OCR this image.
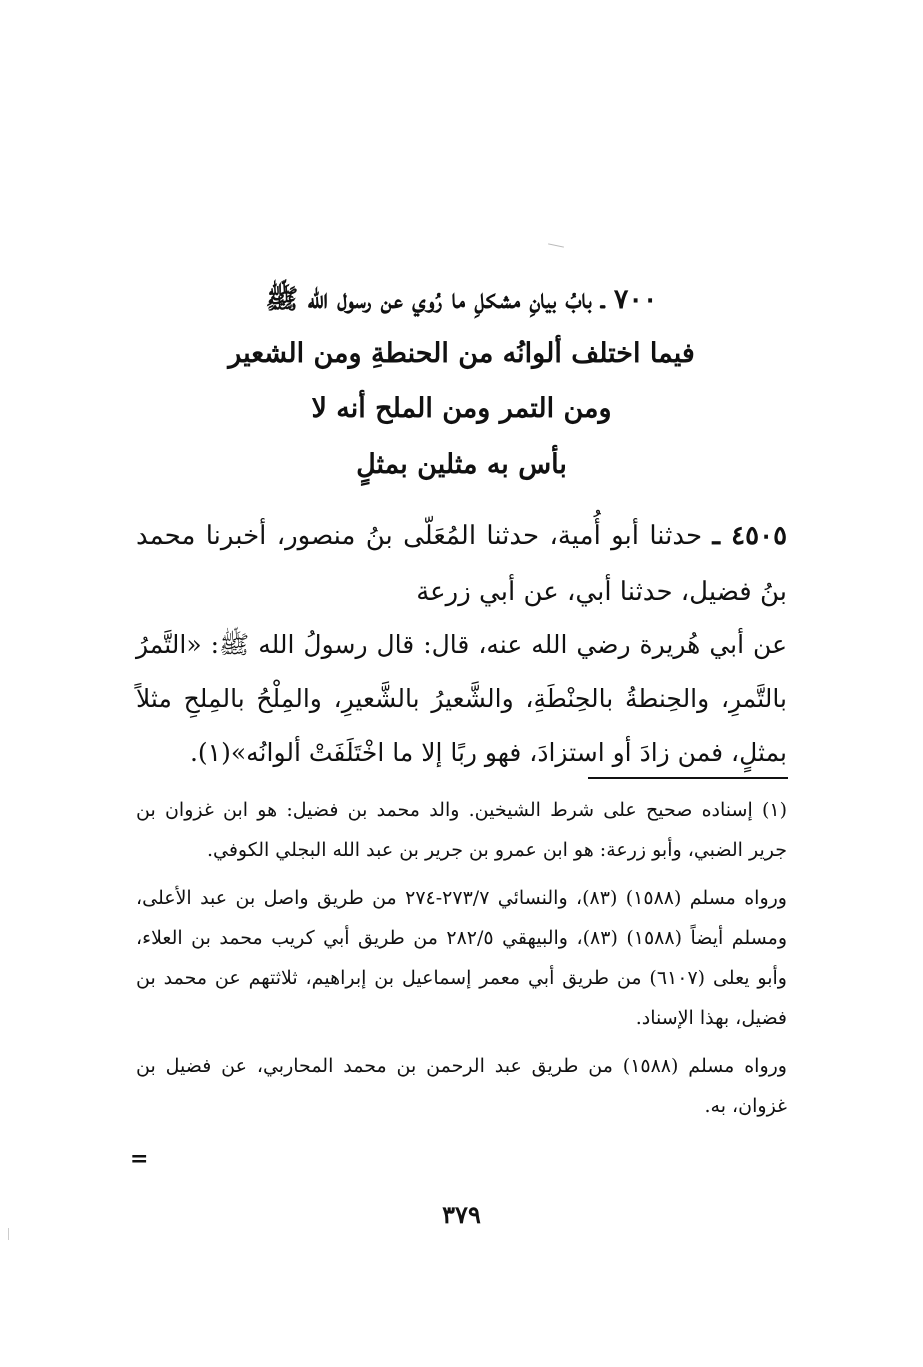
٧٠٠ ـ بابُ بيانِ مشكلِ ما رُوي عن رسول الله ﷺ

فيما اختلف ألوانُه من الحنطةِ ومن الشعير

ومن التمر ومن الملح أنه لا

بأس به مثلين بمثلٍ

٤٥٠٥ ـ حدثنا أبو أُمية، حدثنا المُعَلّى بنُ منصور، أخبرنا محمد بنُ فضيل، حدثنا أبي، عن أبي زرعة

عن أبي هُريرة رضي الله عنه، قال: قال رسولُ الله ﷺ: «التَّمرُ بالتَّمرِ، والحِنطةُ بالحِنْطَةِ، والشَّعيرُ بالشَّعيرِ، والمِلْحُ بالمِلحِ مثلاً بمثلٍ، فمن زادَ أو استزادَ، فهو ربًا إلا ما اخْتَلَفَتْ ألوانُه»(١).

(١) إسناده صحيح على شرط الشيخين. والد محمد بن فضيل: هو ابن غزوان بن جرير الضبي، وأبو زرعة: هو ابن عمرو بن جرير بن عبد الله البجلي الكوفي.

ورواه مسلم (١٥٨٨) (٨٣)، والنسائي ٢٧٣/٧-٢٧٤ من طريق واصل بن عبد الأعلى، ومسلم أيضاً (١٥٨٨) (٨٣)، والبيهقي ٢٨٢/٥ من طريق أبي كريب محمد بن العلاء، وأبو يعلى (٦١٠٧) من طريق أبي معمر إسماعيل بن إبراهيم، ثلاثتهم عن محمد بن فضيل، بهذا الإسناد.

ورواه مسلم (١٥٨٨) من طريق عبد الرحمن بن محمد المحاربي، عن فضيل بن غزوان، به.

=
٣٧٩
